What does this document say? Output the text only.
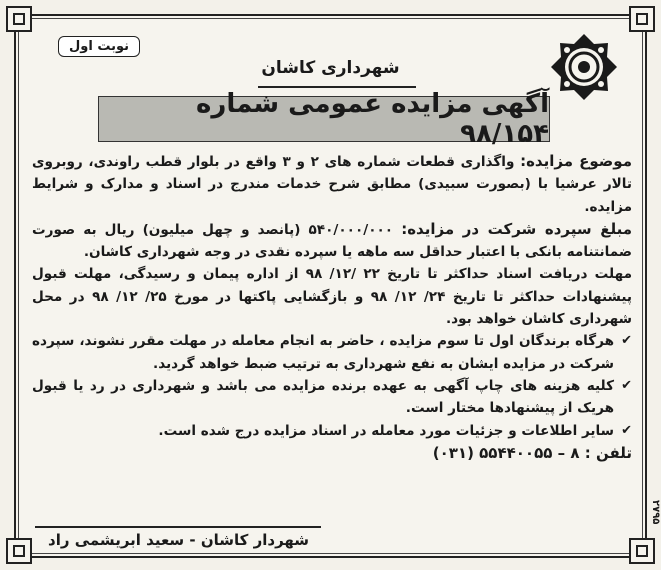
نوبت اول
شهرداری کاشان
آگهی مزایده عمومی شماره ۹۸/۱۵۴

موضوع مزایده: واگذاری قطعات شماره های ۲ و ۳ واقع در بلوار قطب راوندی، روبروی تالار عرشیا با (بصورت سبیدی) مطابق شرح خدمات مندرج در اسناد و مدارک و شرایط مزایده.

مبلغ سپرده شرکت در مزایده: ۵۴۰/۰۰۰/۰۰۰ (پانصد و چهل میلیون) ریال به صورت ضمانتنامه بانکی با اعتبار حداقل سه ماهه یا سپرده نقدی در وجه شهرداری کاشان.

مهلت دریافت اسناد حداکثر تا تاریخ ۲۲ /۱۲/ ۹۸ از اداره پیمان و رسیدگی، مهلت قبول پیشنهادات حداکثر تا تاریخ ۲۴/ ۱۲/ ۹۸ و بازگشایی پاکتها در مورخ ۲۵/ ۱۲/ ۹۸ در محل شهرداری کاشان خواهد بود.

✔
هرگاه برندگان اول تا سوم مزایده ، حاضر به انجام معامله در مهلت مقرر نشوند، سپرده شرکت در مزایده ایشان به نفع شهرداری به ترتیب ضبط خواهد گردید.

✔
کلیه هزینه های چاپ آگهی به عهده برنده مزایده می باشد و شهرداری در رد یا قبول هریک از پیشنهادها مختار است.

✔
سایر اطلاعات و جزئیات مورد معامله در اسناد مزایده درج شده است.

تلفن : ۸ – ۵۵۴۴۰۰۵۵ (۰۳۱)

شهردار کاشان - سعید ابریشمی راد
۲۷۹۵
